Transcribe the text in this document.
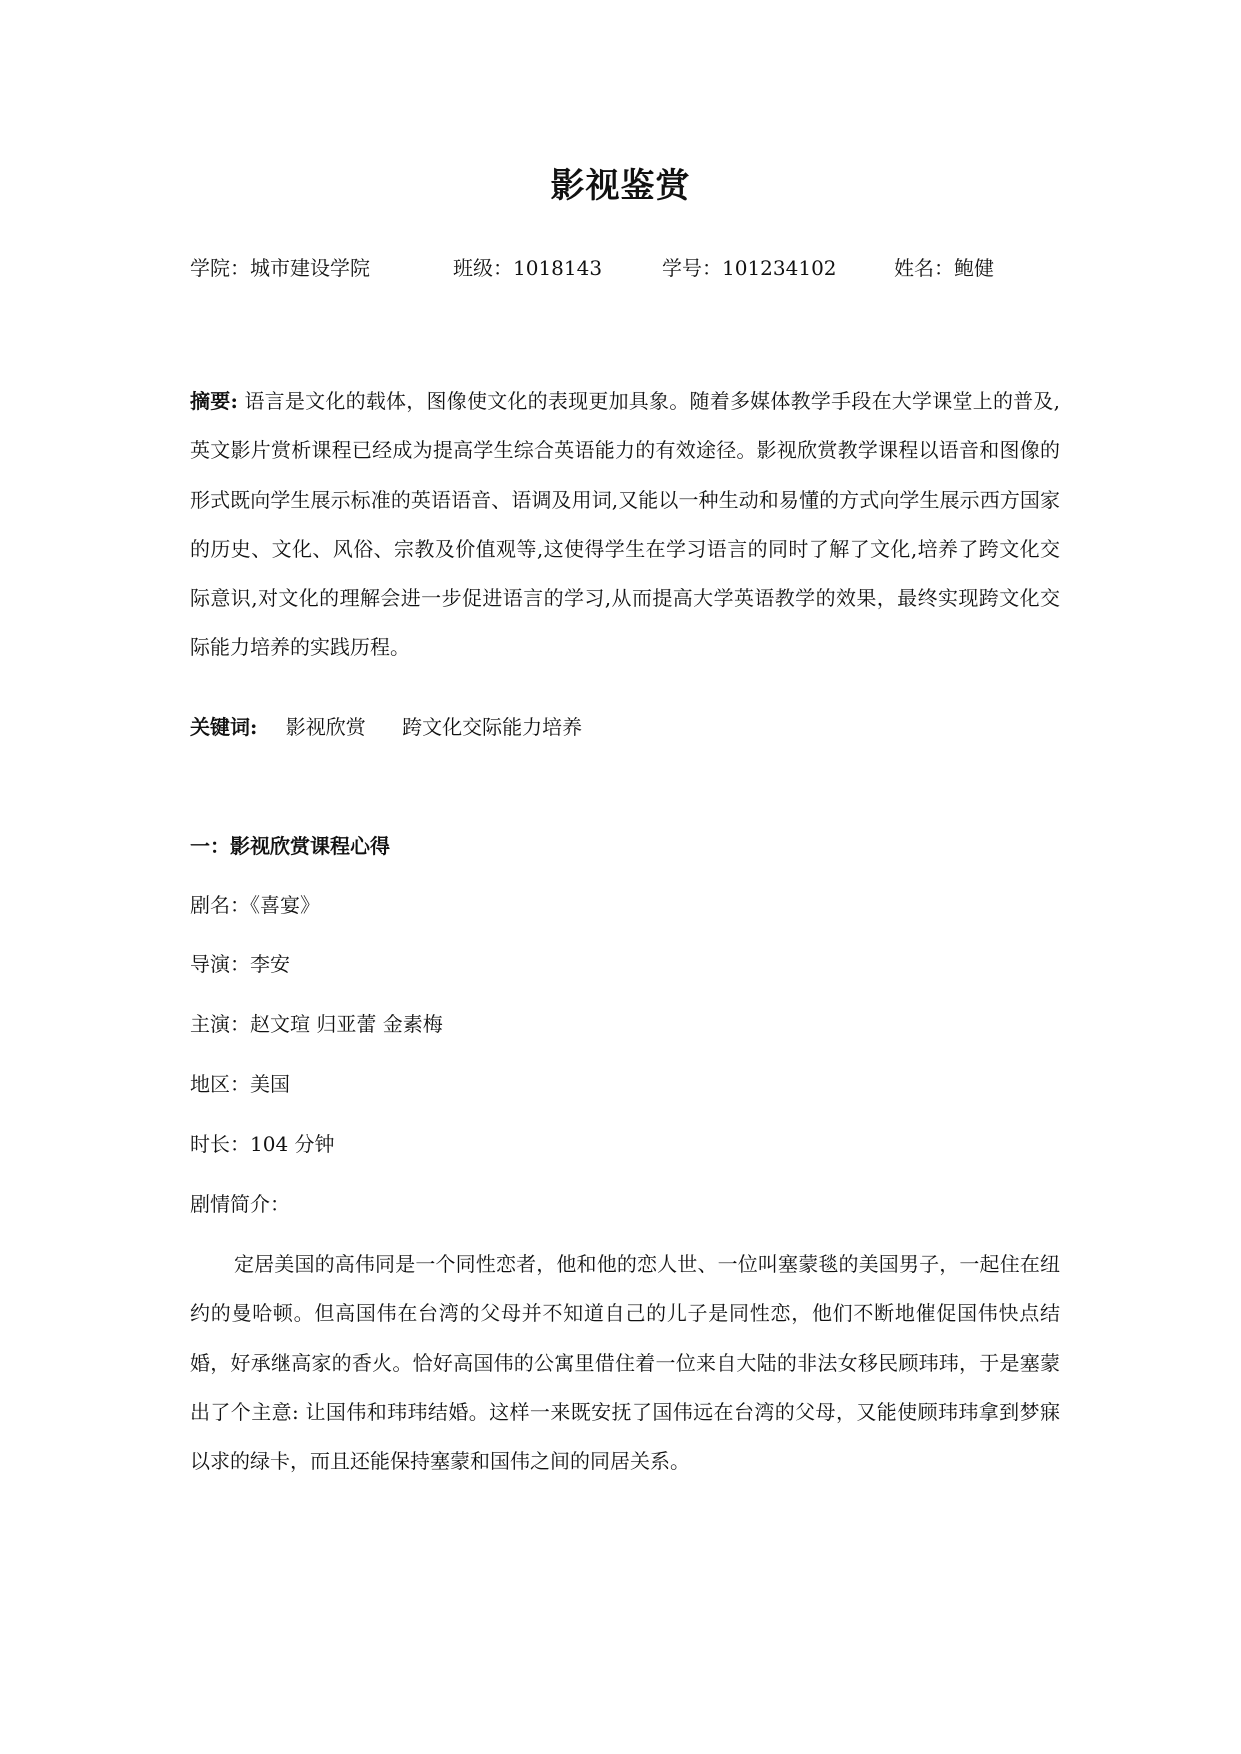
影视鉴赏
学院：城市建设学院	班级：1018143	学号：101234102	姓名：鲍健
摘要: 语言是文化的载体，图像使文化的表现更加具象。随着多媒体教学手段在大学课堂上的普及,英文影片赏析课程已经成为提高学生综合英语能力的有效途径。影视欣赏教学课程以语音和图像的形式既向学生展示标准的英语语音、语调及用词,又能以一种生动和易懂的方式向学生展示西方国家的历史、文化、风俗、宗教及价值观等,这使得学生在学习语言的同时了解了文化,培养了跨文化交际意识,对文化的理解会进一步促进语言的学习,从而提高大学英语教学的效果，最终实现跨文化交际能力培养的实践历程。
关键词: 影视欣赏 跨文化交际能力培养
一：影视欣赏课程心得
剧名：《喜宴》
导演：李安
主演：赵文瑄 归亚蕾 金素梅
地区：美国
时长：104 分钟
剧情简介：
定居美国的高伟同是一个同性恋者，他和他的恋人世、一位叫塞蒙毯的美国男子，一起住在纽约的曼哈顿。但高国伟在台湾的父母并不知道自己的儿子是同性恋，他们不断地催促国伟快点结婚，好承继高家的香火。恰好高国伟的公寓里借住着一位来自大陆的非法女移民顾玮玮，于是塞蒙出了个主意: 让国伟和玮玮结婚。这样一来既安抚了国伟远在台湾的父母，又能使顾玮玮拿到梦寐以求的绿卡，而且还能保持塞蒙和国伟之间的同居关系。
